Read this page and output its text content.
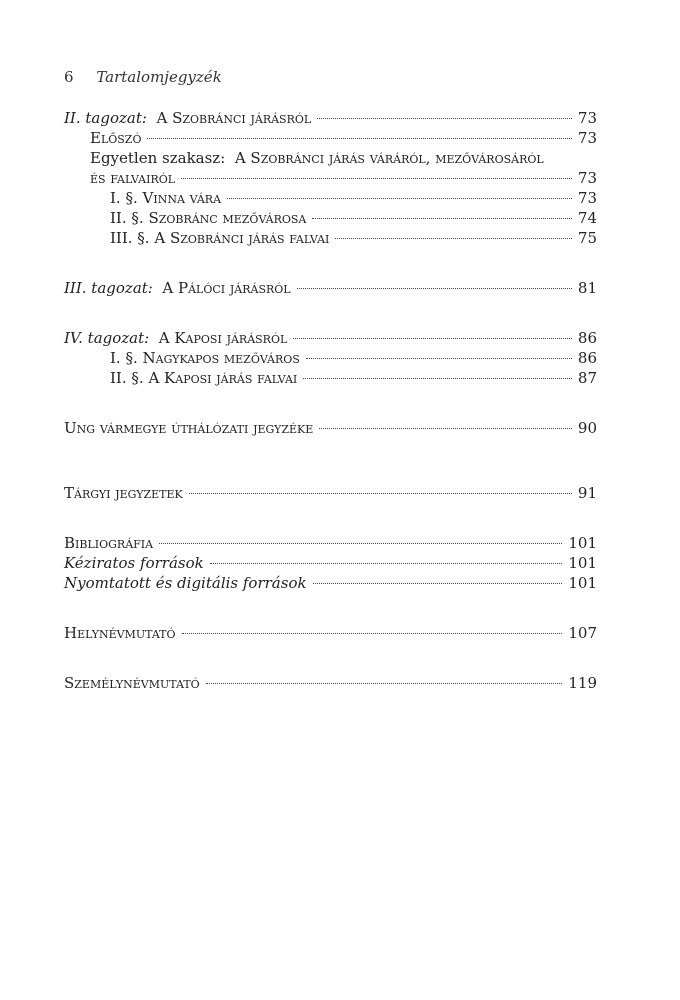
6 Tartalomjegyzék
II. tagozat: A Szobránci járásról	73
Előszó	73
Egyetlen szakasz: A Szobránci járás váráról, mezővárosáról
és falvairól	73
I. §. Vinna vára	73
II. §. Szobránc mezővárosa	74
III. §. A Szobránci járás falvai	75
III. tagozat: A Pálóci járásról	81
IV. tagozat: A Kaposi járásról	86
I. §. Nagykapos mezőváros	86
II. §. A Kaposi járás falvai	87
Ung vármegye úthálózati jegyzéke	90
Tárgyi jegyzetek	91
Bibliográfia	101
Kéziratos források	101
Nyomtatott és digitális források	101
Helynévmutató	107
Személynévmutató	119
